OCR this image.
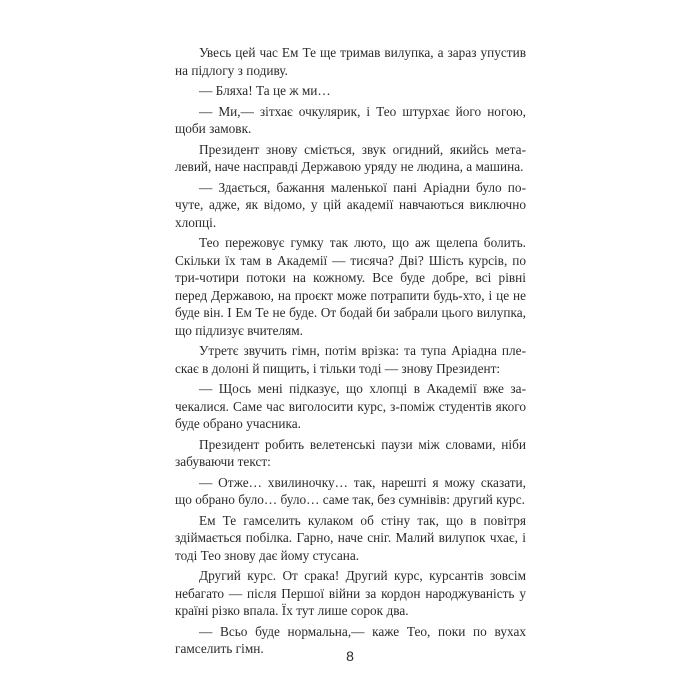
Увесь цей час Ем Те ще тримав вилупка, а зараз упустив на підлогу з подиву.

— Бляха! Та це ж ми…

— Ми,— зітхає очкулярик, і Тео штурхає його ногою, щоби замовк.

Президент знову сміється, звук огидний, якийсь металевий, наче насправді Державою уряду не людина, а машина.

— Здається, бажання маленької пані Аріадни було почуте, адже, як відомо, у цій академії навчаються виключно хлопці.

Тео пережовує гумку так люто, що аж щелепа болить. Скільки їх там в Академії — тисяча? Дві? Шість курсів, по три-чотири потоки на кожному. Все буде добре, всі рівні перед Державою, на проєкт може потрапити будь-хто, і це не буде він. І Ем Те не буде. От бодай би забрали цього вилупка, що підлизує вчителям.

Утретє звучить гімн, потім врізка: та тупа Аріадна плескає в долоні й пищить, і тільки тоді — знову Президент:

— Щось мені підказує, що хлопці в Академії вже зачекалися. Саме час виголосити курс, з-поміж студентів якого буде обрано учасника.

Президент робить велетенські паузи між словами, ніби забуваючи текст:

— Отже… хвилиночку… так, нарешті я можу сказати, що обрано було… було… саме так, без сумнівів: другий курс.

Ем Те гамселить кулаком об стіну так, що в повітря здіймається побілка. Гарно, наче сніг. Малий вилупок чхає, і тоді Тео знову дає йому стусана.

Другий курс. От срака! Другий курс, курсантів зовсім небагато — після Першої війни за кордон народжуваність у країні різко впала. Їх тут лише сорок два.

— Всьо буде нормальна,— каже Тео, поки по вухах гамселить гімн.	8
